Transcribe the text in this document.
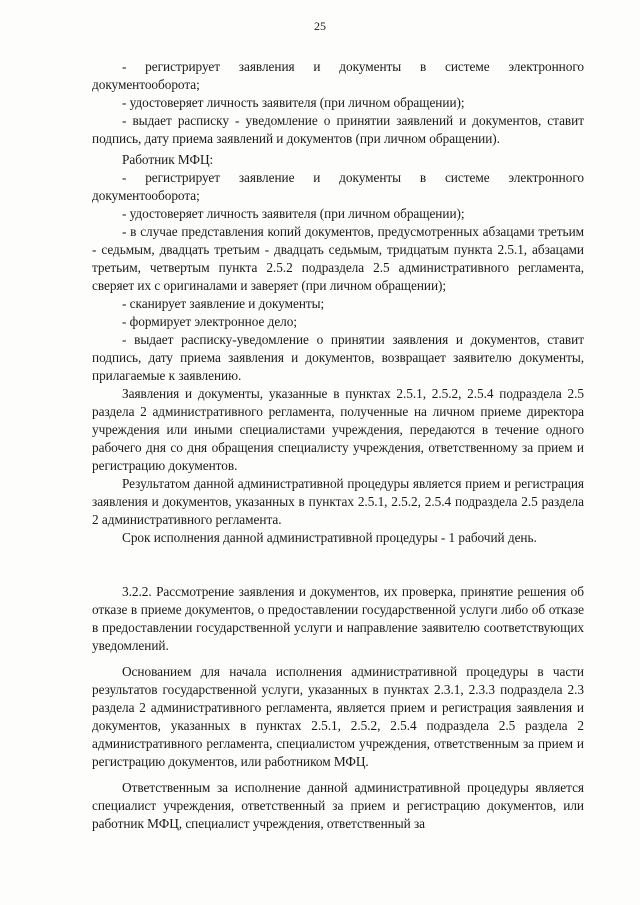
25

- регистрирует заявления и документы в системе электронного документооборота;

- удостоверяет личность заявителя (при личном обращении);

- выдает расписку - уведомление о принятии заявлений и документов, ставит подпись, дату приема заявлений и документов (при личном обращении).

Работник МФЦ:

- регистрирует заявление и документы в системе электронного документооборота;

- удостоверяет личность заявителя (при личном обращении);

- в случае представления копий документов, предусмотренных абзацами третьим - седьмым, двадцать третьим - двадцать седьмым, тридцатым пункта 2.5.1, абзацами третьим, четвертым пункта 2.5.2 подраздела 2.5 административного регламента, сверяет их с оригиналами и заверяет (при личном обращении);

- сканирует заявление и документы;

- формирует электронное дело;

- выдает расписку-уведомление о принятии заявления и документов, ставит подпись, дату приема заявления и документов, возвращает заявителю документы, прилагаемые к заявлению.

Заявления и документы, указанные в пунктах 2.5.1, 2.5.2, 2.5.4 подраздела 2.5 раздела 2 административного регламента, полученные на личном приеме директора учреждения или иными специалистами учреждения, передаются в течение одного рабочего дня со дня обращения специалисту учреждения, ответственному за прием и регистрацию документов.

Результатом данной административной процедуры является прием и регистрация заявления и документов, указанных в пунктах 2.5.1, 2.5.2, 2.5.4 подраздела 2.5 раздела 2 административного регламента.

Срок исполнения данной административной процедуры - 1 рабочий день.

3.2.2. Рассмотрение заявления и документов, их проверка, принятие решения об отказе в приеме документов, о предоставлении государственной услуги либо об отказе в предоставлении государственной услуги и направление заявителю соответствующих уведомлений.

Основанием для начала исполнения административной процедуры в части результатов государственной услуги, указанных в пунктах 2.3.1, 2.3.3 подраздела 2.3 раздела 2 административного регламента, является прием и регистрация заявления и документов, указанных в пунктах 2.5.1, 2.5.2, 2.5.4 подраздела 2.5 раздела 2 административного регламента, специалистом учреждения, ответственным за прием и регистрацию документов, или работником МФЦ.

Ответственным за исполнение данной административной процедуры является специалист учреждения, ответственный за прием и регистрацию документов, или работник МФЦ, специалист учреждения, ответственный за
